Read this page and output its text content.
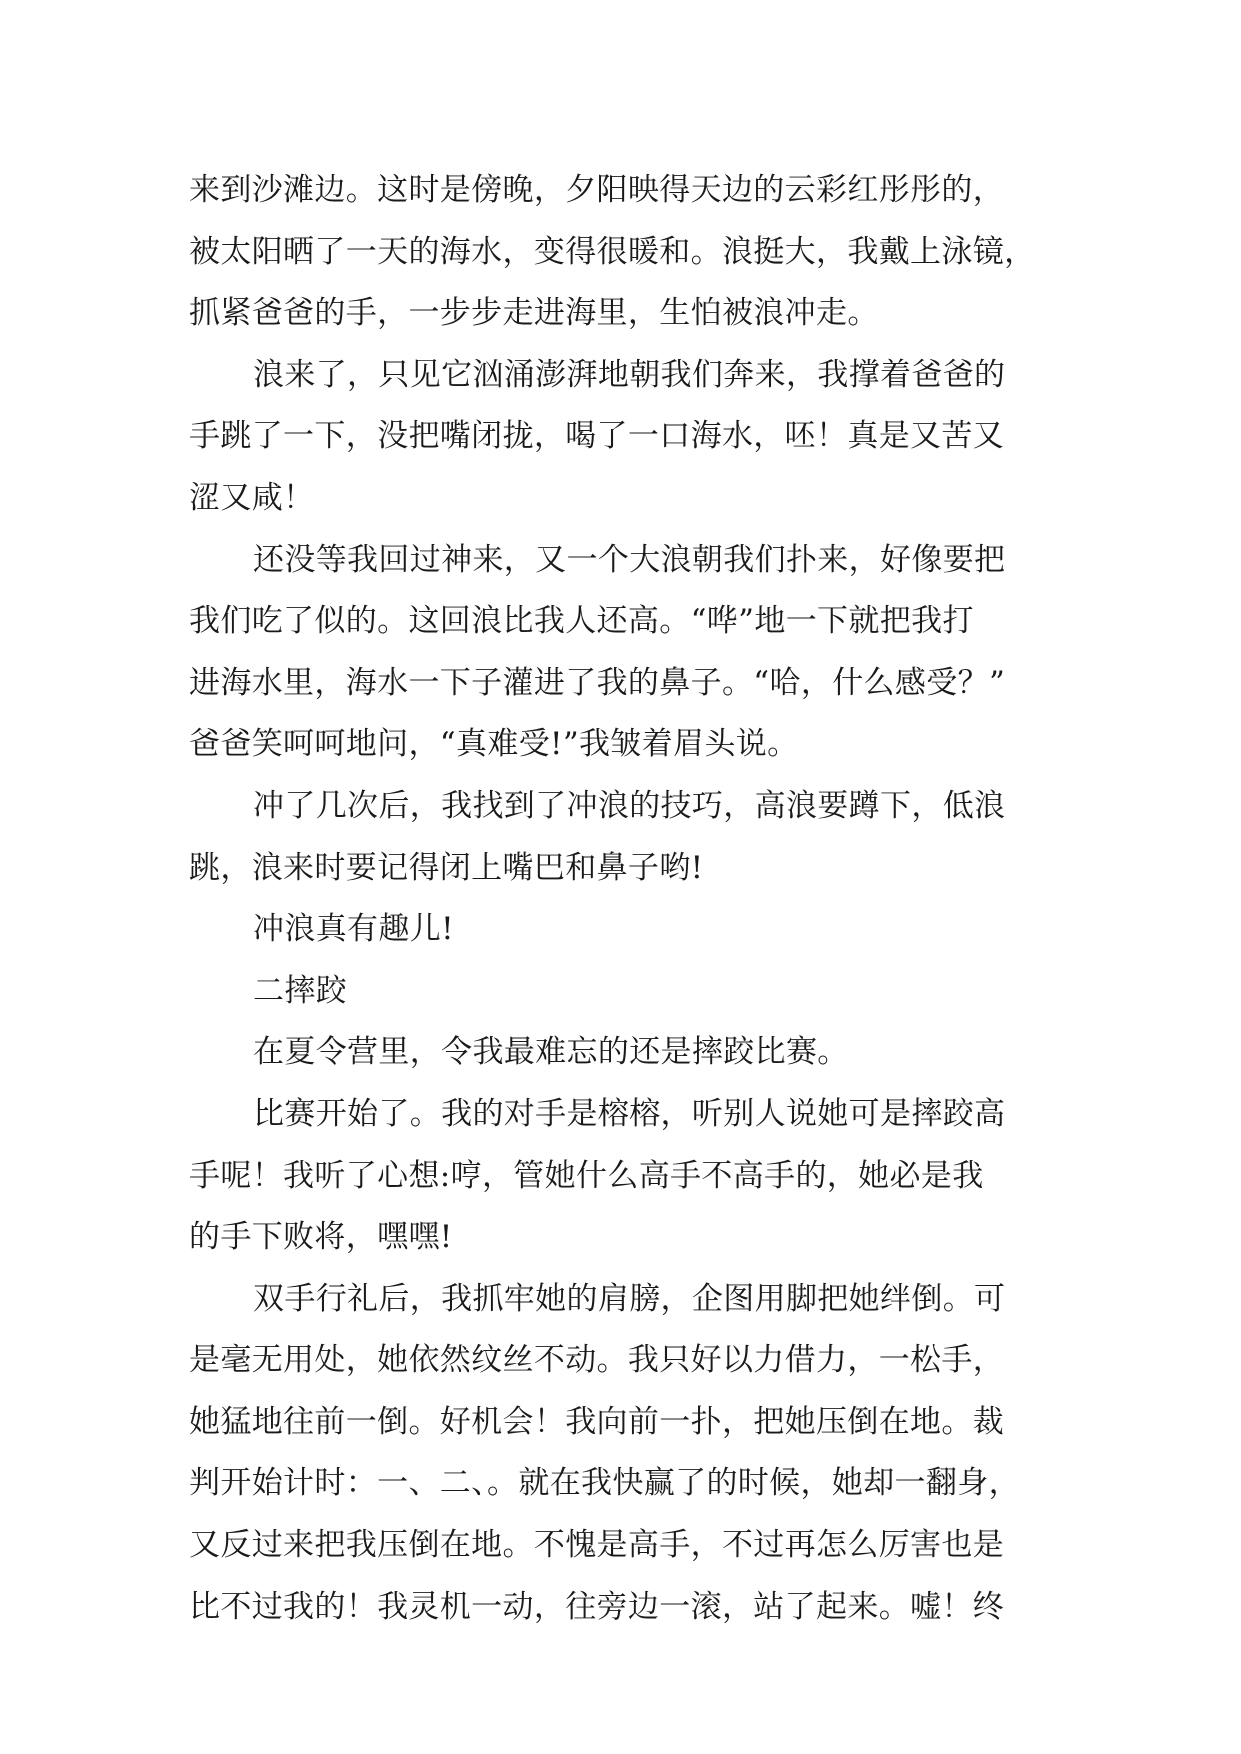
来到沙滩边。这时是傍晚，夕阳映得天边的云彩红彤彤的，
被太阳晒了一天的海水，变得很暖和。浪挺大，我戴上泳镜，
抓紧爸爸的手，一步步走进海里，生怕被浪冲走。
浪来了，只见它汹涌澎湃地朝我们奔来，我撑着爸爸的
手跳了一下，没把嘴闭拢，喝了一口海水，呸！真是又苦又
涩又咸！
还没等我回过神来，又一个大浪朝我们扑来，好像要把
我们吃了似的。这回浪比我人还高。“哗”地一下就把我打
进海水里，海水一下子灌进了我的鼻子。“哈，什么感受？”
爸爸笑呵呵地问，“真难受!”我皱着眉头说。
冲了几次后，我找到了冲浪的技巧，高浪要蹲下，低浪
跳，浪来时要记得闭上嘴巴和鼻子哟!
冲浪真有趣儿!
二摔跤
在夏令营里，令我最难忘的还是摔跤比赛。
比赛开始了。我的对手是榕榕，听别人说她可是摔跤高
手呢！我听了心想:哼，管她什么高手不高手的，她必是我
的手下败将，嘿嘿!
双手行礼后，我抓牢她的肩膀，企图用脚把她绊倒。可
是毫无用处，她依然纹丝不动。我只好以力借力，一松手，
她猛地往前一倒。好机会！我向前一扑，把她压倒在地。裁
判开始计时：一、二、。就在我快赢了的时候，她却一翻身，
又反过来把我压倒在地。不愧是高手，不过再怎么厉害也是
比不过我的！我灵机一动，往旁边一滚，站了起来。嘘！终
